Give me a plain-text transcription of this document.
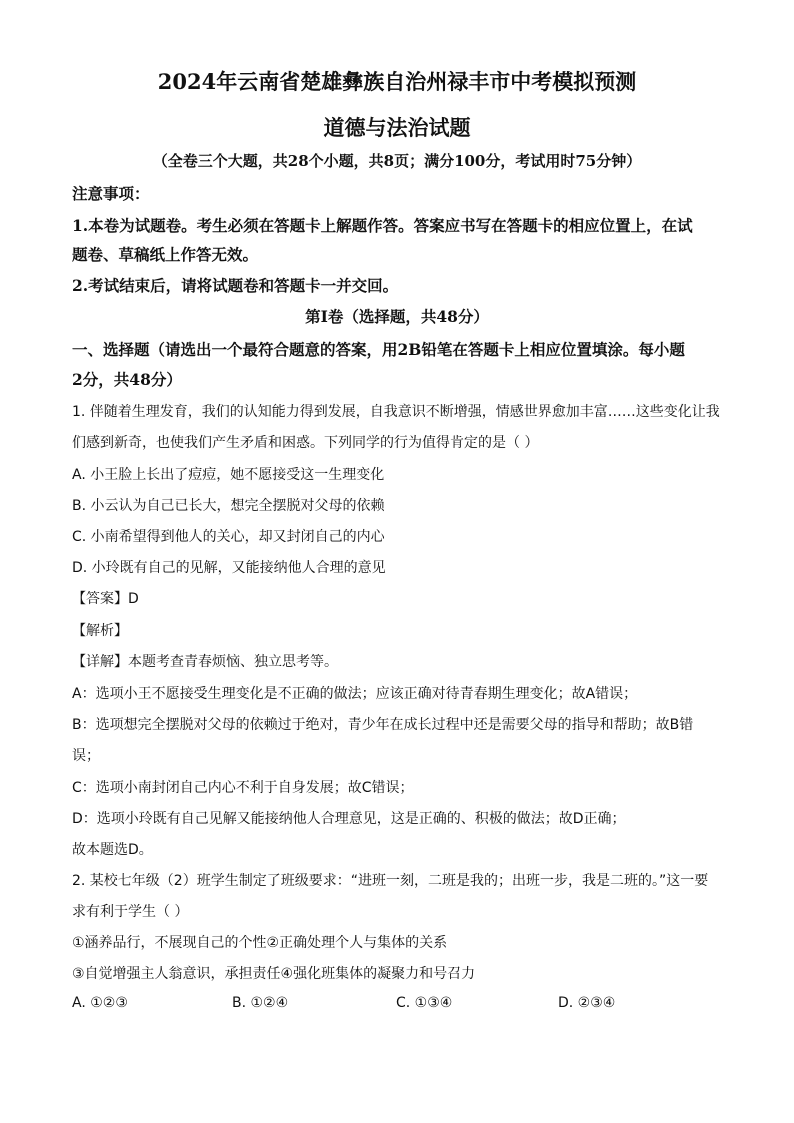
2024年云南省楚雄彝族自治州禄丰市中考模拟预测
道德与法治试题
（全卷三个大题，共28个小题，共8页；满分100分，考试用时75分钟）
注意事项：
1.本卷为试题卷。考生必须在答题卡上解题作答。答案应书写在答题卡的相应位置上，在试
题卷、草稿纸上作答无效。
2.考试结束后，请将试题卷和答题卡一并交回。
第Ⅰ卷（选择题，共48分）
一、选择题（请选出一个最符合题意的答案，用2B铅笔在答题卡上相应位置填涂。每小题
2分，共48分）
1. 伴随着生理发育，我们的认知能力得到发展，自我意识不断增强，情感世界愈加丰富……这些变化让我
们感到新奇，也使我们产生矛盾和困惑。下列同学的行为值得肯定的是（ ）
A. 小王脸上长出了痘痘，她不愿接受这一生理变化
B. 小云认为自己已长大，想完全摆脱对父母的依赖
C. 小南希望得到他人的关心，却又封闭自己的内心
D. 小玲既有自己的见解，又能接纳他人合理的意见
【答案】D
【解析】
【详解】本题考查青春烦恼、独立思考等。
A：选项小王不愿接受生理变化是不正确的做法；应该正确对待青春期生理变化；故A错误；
B：选项想完全摆脱对父母的依赖过于绝对，青少年在成长过程中还是需要父母的指导和帮助；故B错
误；
C：选项小南封闭自己内心不利于自身发展；故C错误；
D：选项小玲既有自己见解又能接纳他人合理意见，这是正确的、积极的做法；故D正确；
故本题选D。
2. 某校七年级（2）班学生制定了班级要求：“进班一刻，二班是我的；出班一步，我是二班的。”这一要
求有利于学生（ ）
①涵养品行，不展现自己的个性②正确处理个人与集体的关系
③自觉增强主人翁意识，承担责任④强化班集体的凝聚力和号召力
A. ①②③	B. ①②④	C. ①③④	D. ②③④
